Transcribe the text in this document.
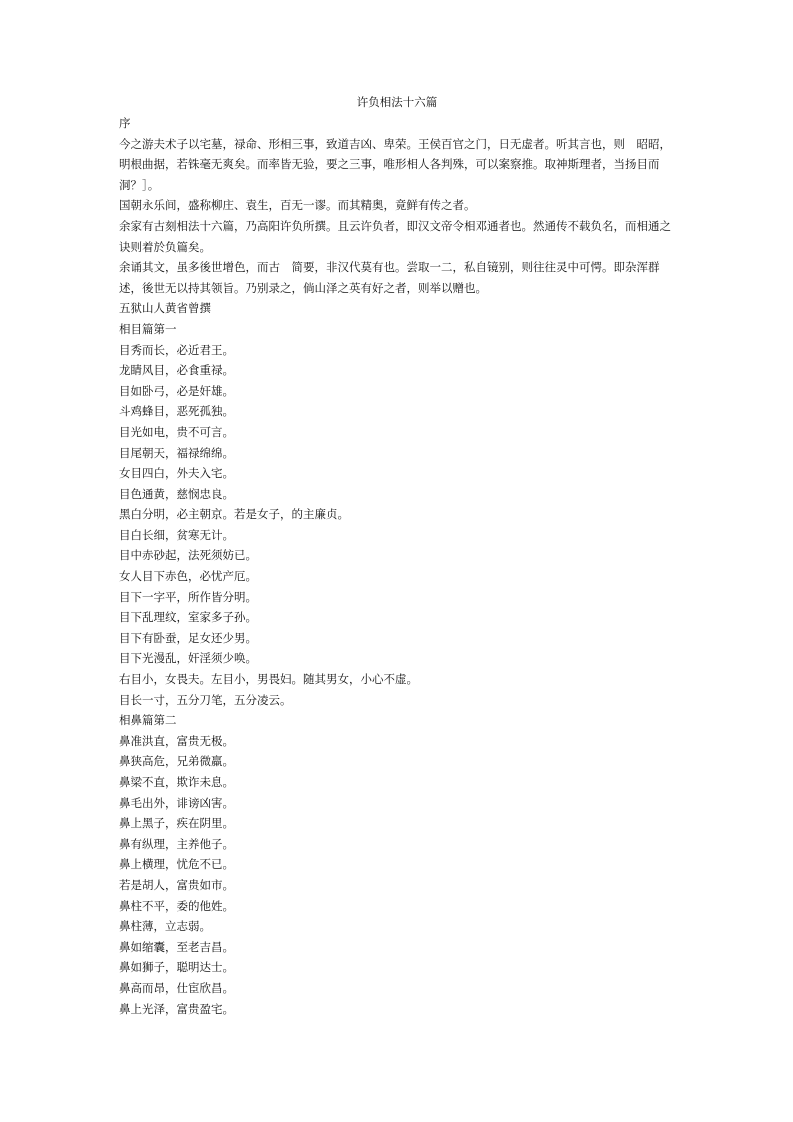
许负相法十六篇
序
今之游夫术子以宅墓，禄命、形相三事，致道吉凶、卑荣。王侯百官之门，日无虚者。听其言也，则　昭昭，明根曲据，若铢毫无爽矣。而率皆无验，要之三事，唯形相人各判殊，可以案察推。取神斯理者，当扬目而洞？］。
国朝永乐间，盛称柳庄、袁生，百无一谬。而其精奥，竟鲜有传之者。
余家有古刻相法十六篇，乃高阳许负所撰。且云许负者，即汉文帝令相邓通者也。然通传不载负名，而相通之诀则着於负篇矣。
余诵其文，虽多後世增色，而古　简要，非汉代莫有也。尝取一二，私自镜别，则往往灵中可愕。即杂浑群述，後世无以持其领旨。乃别录之，倘山泽之英有好之者，则举以赠也。
五狱山人黄省曾撰
相目篇第一
目秀而长，必近君王。
龙睛风目，必食重禄。
目如卧弓，必是奸雄。
斗鸡蜂目，恶死孤独。
目光如电，贵不可言。
目尾朝天，福禄绵绵。
女目四白，外夫入宅。
目色通黄，慈悯忠良。
黑白分明，必主朝京。若是女子，的主廉贞。
目白长细，贫寒无计。
目中赤砂起，法死须妨已。
女人目下赤色，必忧产厄。
目下一字平，所作皆分明。
目下乱理纹，室家多子孙。
目下有卧蚕，足女还少男。
目下光漫乱，奸淫须少唤。
右目小，女畏夫。左目小，男畏妇。随其男女，小心不虚。
目长一寸，五分刀笔，五分凌云。
相鼻篇第二
鼻准洪直，富贵无极。
鼻狭高危，兄弟微羸。
鼻梁不直，欺诈未息。
鼻毛出外，诽谤凶害。
鼻上黑子，疾在阴里。
鼻有纵理，主养他子。
鼻上横理，忧危不已。
若是胡人，富贵如市。
鼻柱不平，委的他姓。
鼻柱薄，立志弱。
鼻如缩囊，至老吉昌。
鼻如狮子，聪明达士。
鼻高而昂，仕宦欣昌。
鼻上光泽，富贵盈宅。
